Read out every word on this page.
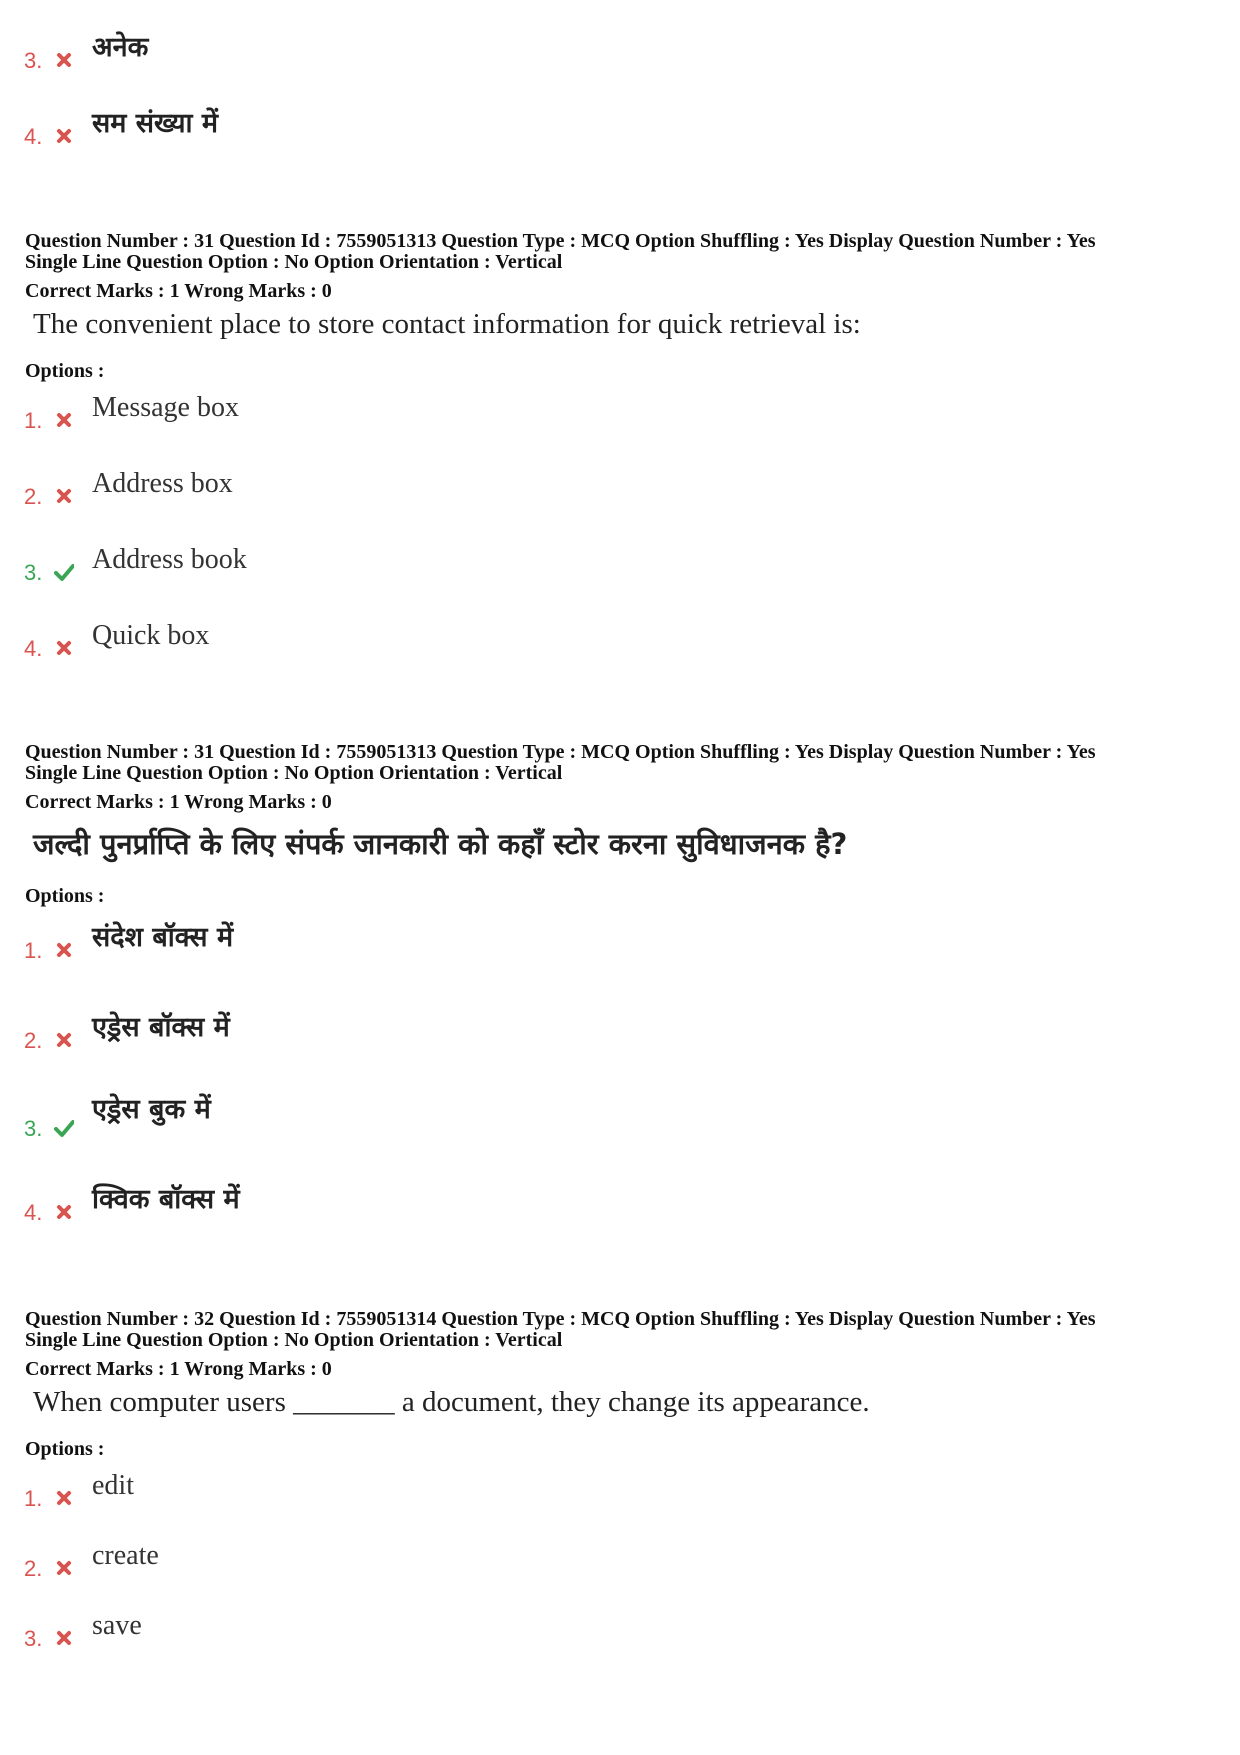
3. अनेक
4. सम संख्या में
Question Number : 31 Question Id : 7559051313 Question Type : MCQ Option Shuffling : Yes Display Question Number : Yes
Single Line Question Option : No Option Orientation : Vertical
Correct Marks : 1 Wrong Marks : 0
The convenient place to store contact information for quick retrieval is:
Options :
1. Message box
2. Address box
3. Address book
4. Quick box
Question Number : 31 Question Id : 7559051313 Question Type : MCQ Option Shuffling : Yes Display Question Number : Yes
Single Line Question Option : No Option Orientation : Vertical
Correct Marks : 1 Wrong Marks : 0
जल्दी पुनर्प्राप्ति के लिए संपर्क जानकारी को कहाँ स्टोर करना सुविधाजनक है?
Options :
1. संदेश बॉक्स में
2. एड्रेस बॉक्स में
3.
एड्रेस बुक में
4. क्विक बॉक्स में
Question Number : 32 Question Id : 7559051314 Question Type : MCQ Option Shuffling : Yes Display Question Number : Yes
Single Line Question Option : No Option Orientation : Vertical
Correct Marks : 1 Wrong Marks : 0
When computer users _______ a document, they change its appearance.
Options :
1. edit
2. create
3. save
